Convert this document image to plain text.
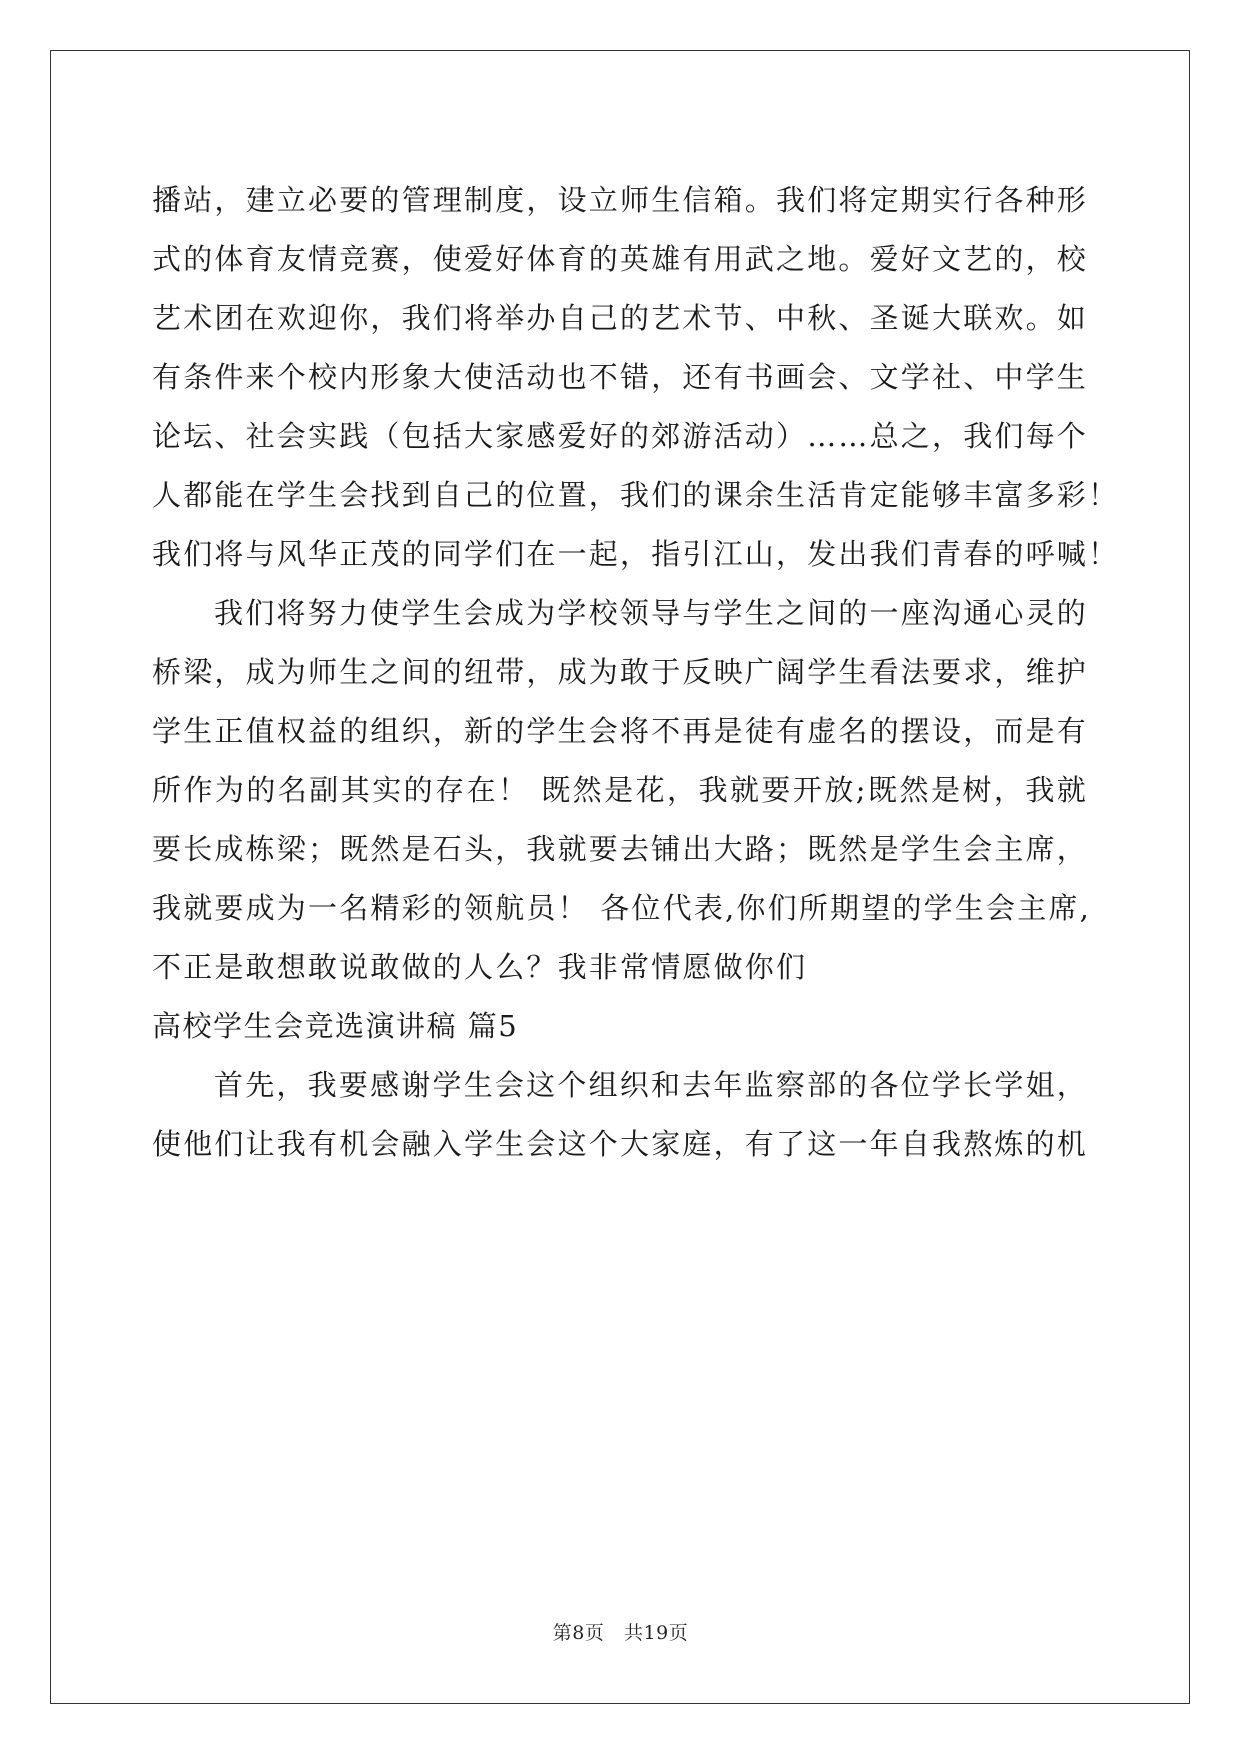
播站，建立必要的管理制度，设立师生信箱。我们将定期实行各种形
式的体育友情竞赛，使爱好体育的英雄有用武之地。爱好文艺的，校
艺术团在欢迎你，我们将举办自己的艺术节、中秋、圣诞大联欢。如
有条件来个校内形象大使活动也不错，还有书画会、文学社、中学生
论坛、社会实践（包括大家感爱好的郊游活动）……总之，我们每个
人都能在学生会找到自己的位置，我们的课余生活肯定能够丰富多彩！
我们将与风华正茂的同学们在一起，指引江山，发出我们青春的呼喊！
我们将努力使学生会成为学校领导与学生之间的一座沟通心灵的
桥梁，成为师生之间的纽带，成为敢于反映广阔学生看法要求，维护
学生正值权益的组织，新的学生会将不再是徒有虚名的摆设，而是有
所作为的名副其实的存在！ 既然是花，我就要开放;既然是树，我就
要长成栋梁；既然是石头，我就要去铺出大路；既然是学生会主席，
我就要成为一名精彩的领航员！ 各位代表,你们所期望的学生会主席,
不正是敢想敢说敢做的人么？我非常情愿做你们
高校学生会竞选演讲稿 篇5
首先，我要感谢学生会这个组织和去年监察部的各位学长学姐，
使他们让我有机会融入学生会这个大家庭，有了这一年自我熬炼的机
第8页 共19页
